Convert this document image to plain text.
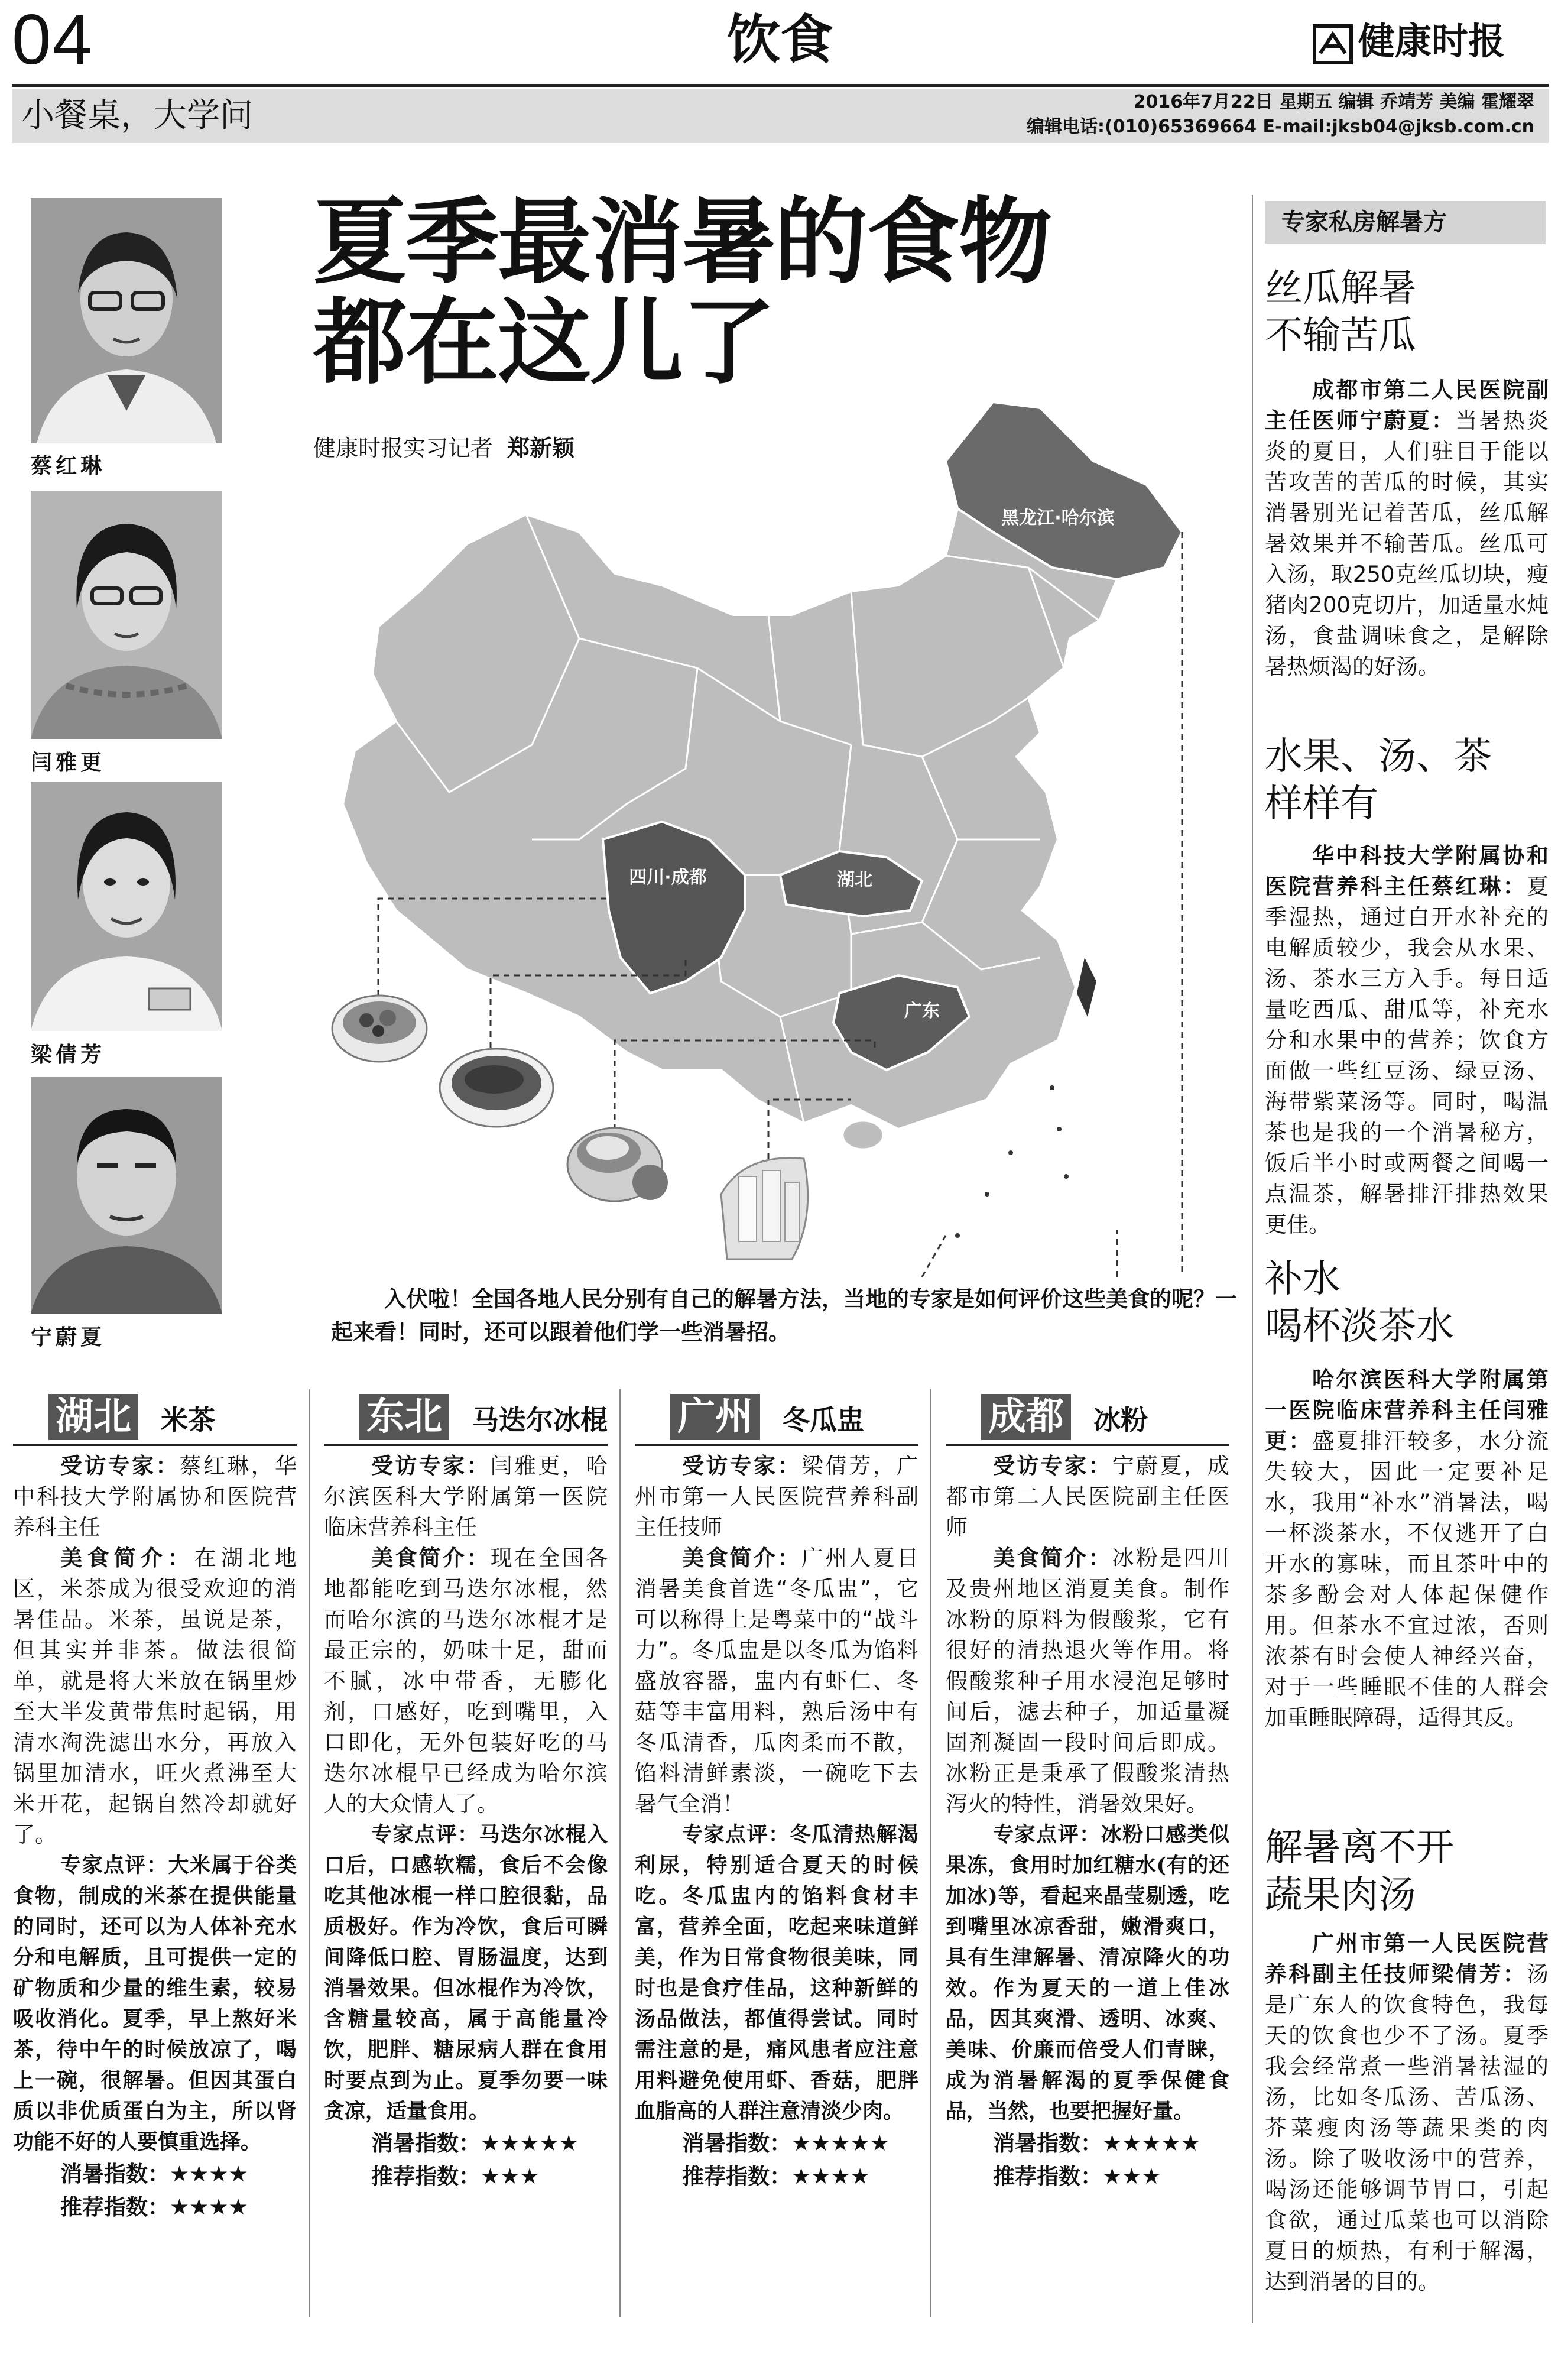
04	饮食	健康时报
小餐桌，大学问	2016年7月22日 星期五 编辑 乔靖芳 美编 霍耀翠
编辑电话:(010)65369664 E-mail:jksb04@jksb.com.cn
蔡红琳
闫雅更
梁倩芳
宁蔚夏
夏季最消暑的食物
都在这儿了
健康时报实习记者 郑新颖
黑龙江·哈尔滨
四川·成都	湖北
广东
入伏啦！全国各地人民分别有自己的解暑方法，当地的专家是如何评价这些美食的呢？一起来看！同时，还可以跟着他们学一些消暑招。
专家私房解暑方
丝瓜解暑
不输苦瓜
成都市第二人民医院副主任医师宁蔚夏：当暑热炎炎的夏日，人们驻目于能以苦攻苦的苦瓜的时候，其实消暑别光记着苦瓜，丝瓜解暑效果并不输苦瓜。丝瓜可入汤，取250克丝瓜切块，瘦猪肉200克切片，加适量水炖汤，食盐调味食之，是解除暑热烦渴的好汤。
水果、汤、茶
样样有
华中科技大学附属协和医院营养科主任蔡红琳：夏季湿热，通过白开水补充的电解质较少，我会从水果、汤、茶水三方入手。每日适量吃西瓜、甜瓜等，补充水分和水果中的营养；饮食方面做一些红豆汤、绿豆汤、海带紫菜汤等。同时，喝温茶也是我的一个消暑秘方，饭后半小时或两餐之间喝一点温茶，解暑排汗排热效果更佳。
补水
喝杯淡茶水
哈尔滨医科大学附属第一医院临床营养科主任闫雅更：盛夏排汗较多，水分流失较大，因此一定要补足水，我用“补水”消暑法，喝一杯淡茶水，不仅逃开了白开水的寡味，而且茶叶中的茶多酚会对人体起保健作用。但茶水不宜过浓，否则浓茶有时会使人神经兴奋，对于一些睡眠不佳的人群会加重睡眠障碍，适得其反。
解暑离不开
蔬果肉汤
广州市第一人民医院营养科副主任技师梁倩芳：汤是广东人的饮食特色，我每天的饮食也少不了汤。夏季我会经常煮一些消暑祛湿的汤，比如冬瓜汤、苦瓜汤、芥菜瘦肉汤等蔬果类的肉汤。除了吸收汤中的营养，喝汤还能够调节胃口，引起食欲，通过瓜菜也可以消除夏日的烦热，有利于解渴，达到消暑的目的。
湖北 米茶

受访专家：蔡红琳，华中科技大学附属协和医院营养科主任

美食简介：在湖北地区，米茶成为很受欢迎的消暑佳品。米茶，虽说是茶，但其实并非茶。做法很简单，就是将大米放在锅里炒至大半发黄带焦时起锅，用清水淘洗滤出水分，再放入锅里加清水，旺火煮沸至大米开花，起锅自然冷却就好了。

专家点评：大米属于谷类食物，制成的米茶在提供能量的同时，还可以为人体补充水分和电解质，且可提供一定的矿物质和少量的维生素，较易吸收消化。夏季，早上熬好米茶，待中午的时候放凉了，喝上一碗，很解暑。但因其蛋白质以非优质蛋白为主，所以肾功能不好的人要慎重选择。

消暑指数：★★★★

推荐指数：★★★★

东北 马迭尔冰棍

受访专家：闫雅更，哈尔滨医科大学附属第一医院临床营养科主任

美食简介：现在全国各地都能吃到马迭尔冰棍，然而哈尔滨的马迭尔冰棍才是最正宗的，奶味十足，甜而不腻，冰中带香，无膨化剂，口感好，吃到嘴里，入口即化，无外包装好吃的马迭尔冰棍早已经成为哈尔滨人的大众情人了。

专家点评：马迭尔冰棍入口后，口感软糯，食后不会像吃其他冰棍一样口腔很黏，品质极好。作为冷饮，食后可瞬间降低口腔、胃肠温度，达到消暑效果。但冰棍作为冷饮，含糖量较高，属于高能量冷饮，肥胖、糖尿病人群在食用时要点到为止。夏季勿要一味贪凉，适量食用。

消暑指数：★★★★★

推荐指数：★★★

广州 冬瓜盅

受访专家：梁倩芳，广州市第一人民医院营养科副主任技师

美食简介：广州人夏日消暑美食首选“冬瓜盅”，它可以称得上是粤菜中的“战斗力”。冬瓜盅是以冬瓜为馅料盛放容器，盅内有虾仁、冬菇等丰富用料，熟后汤中有冬瓜清香，瓜肉柔而不散，馅料清鲜素淡，一碗吃下去暑气全消！

专家点评：冬瓜清热解渴利尿，特别适合夏天的时候吃。冬瓜盅内的馅料食材丰富，营养全面，吃起来味道鲜美，作为日常食物很美味，同时也是食疗佳品，这种新鲜的汤品做法，都值得尝试。同时需注意的是，痛风患者应注意用料避免使用虾、香菇，肥胖血脂高的人群注意清淡少肉。

消暑指数：★★★★★

推荐指数：★★★★

成都 冰粉

受访专家：宁蔚夏，成都市第二人民医院副主任医师

美食简介：冰粉是四川及贵州地区消夏美食。制作冰粉的原料为假酸浆，它有很好的清热退火等作用。将假酸浆种子用水浸泡足够时间后，滤去种子，加适量凝固剂凝固一段时间后即成。冰粉正是秉承了假酸浆清热泻火的特性，消暑效果好。

专家点评：冰粉口感类似果冻，食用时加红糖水(有的还加冰)等，看起来晶莹剔透，吃到嘴里冰凉香甜，嫩滑爽口，具有生津解暑、清凉降火的功效。作为夏天的一道上佳冰品，因其爽滑、透明、冰爽、美味、价廉而倍受人们青睐，成为消暑解渴的夏季保健食品，当然，也要把握好量。

消暑指数：★★★★★

推荐指数：★★★
